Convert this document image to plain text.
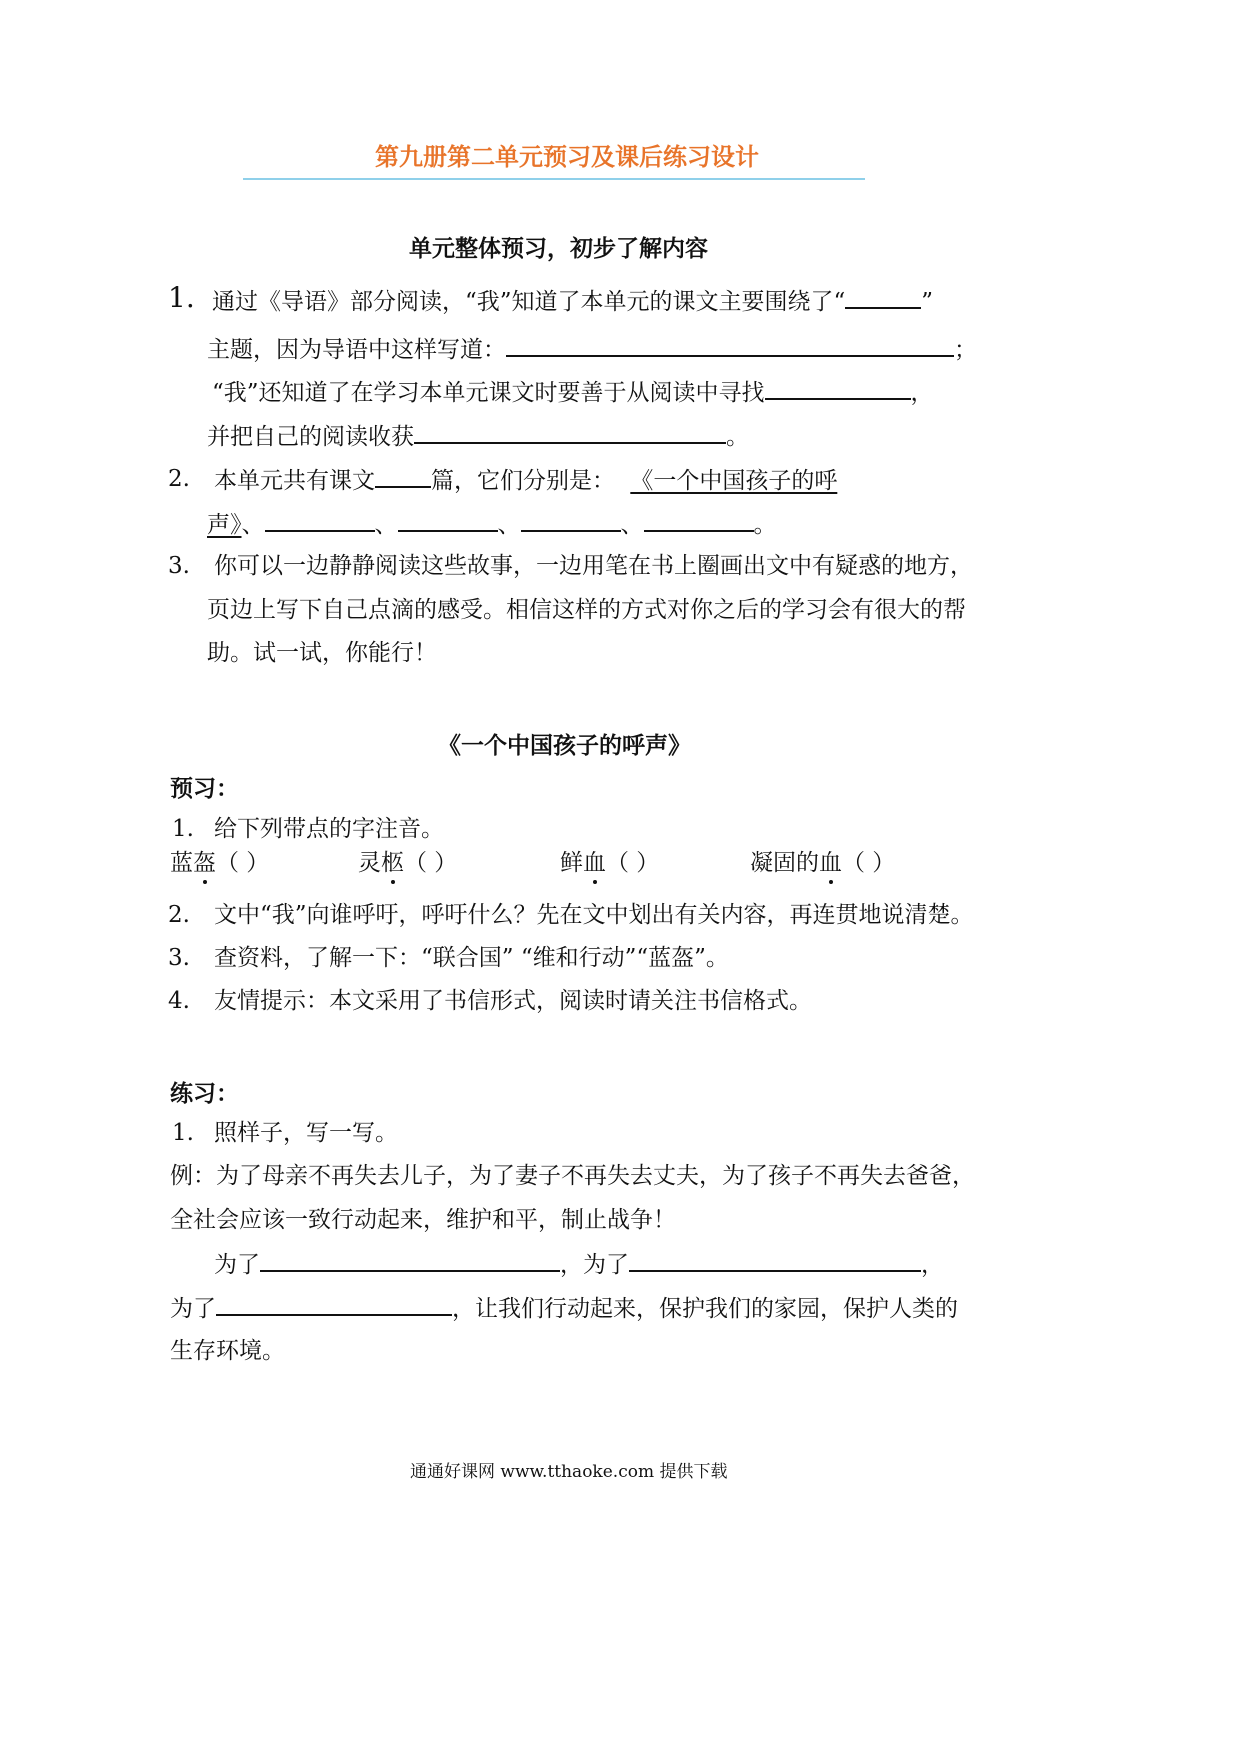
第九册第二单元预习及课后练习设计
单元整体预习，初步了解内容
1. 通过《导语》部分阅读，“我”知道了本单元的课文主要围绕了“	”
主题，因为导语中这样写道：	；
“我”还知道了在学习本单元课文时要善于从阅读中寻找	，
并把自己的阅读收获	。
2. 本单元共有课文 篇，它们分别是： 《一个中国孩子的呼
声》、	、	、	、	。
3. 你可以一边静静阅读这些故事，一边用笔在书上圈画出文中有疑惑的地方，
页边上写下自己点滴的感受。相信这样的方式对你之后的学习会有很大的帮
助。试一试，你能行！
《一个中国孩子的呼声》
预习：
1. 给下列带点的字注音。
蓝盔（ ）	灵柩（ ）	鲜血（ ）	凝固的血（ ）
2. 文中“我”向谁呼吁，呼吁什么？先在文中划出有关内容，再连贯地说清楚。
3. 查资料，了解一下：“联合国” “维和行动”“蓝盔”。
4. 友情提示：本文采用了书信形式，阅读时请关注书信格式。
练习：
1. 照样子，写一写。
例：为了母亲不再失去儿子，为了妻子不再失去丈夫，为了孩子不再失去爸爸，
全社会应该一致行动起来，维护和平，制止战争！
为了	，为了	，
为了	，让我们行动起来，保护我们的家园，保护人类的
生存环境。
通通好课网 www.tthaoke.com 提供下载
